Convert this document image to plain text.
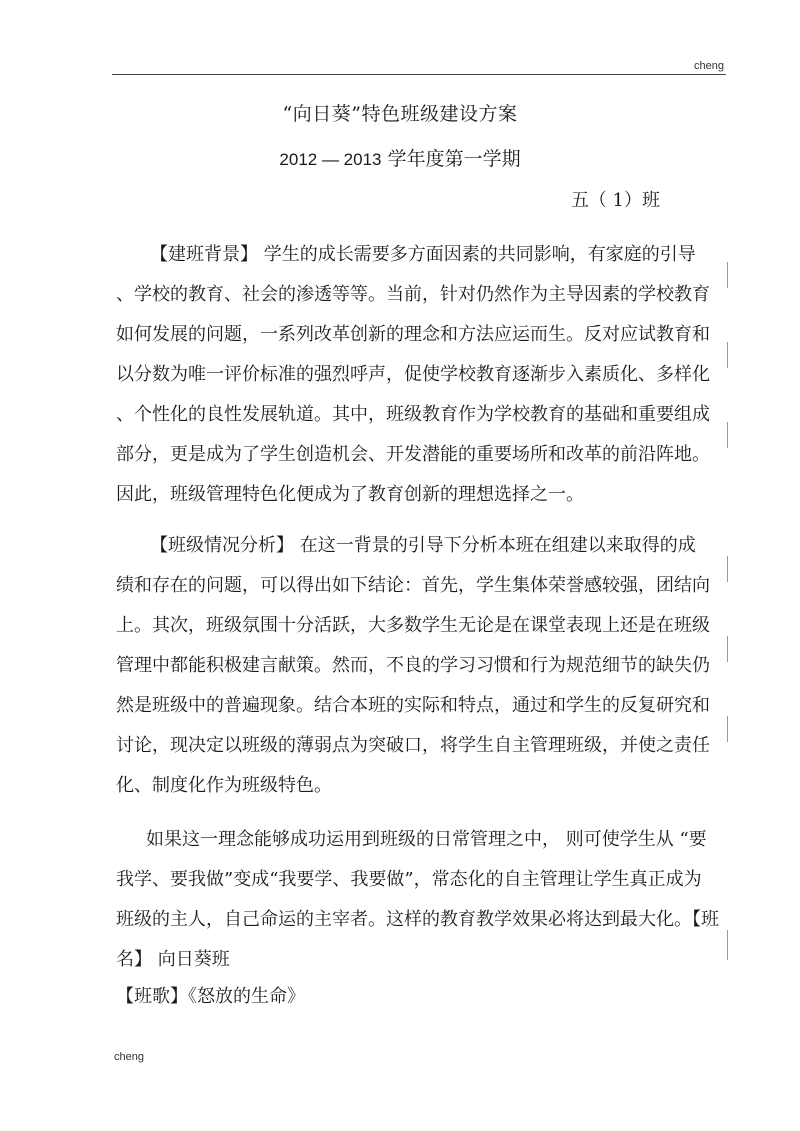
cheng
“向日葵”特色班级建设方案
2012 — 2013 学年度第一学期
五（ 1）班
【建班背景】 学生的成长需要多方面因素的共同影响，有家庭的引导
、学校的教育、社会的渗透等等。当前，针对仍然作为主导因素的学校教育
如何发展的问题，一系列改革创新的理念和方法应运而生。反对应试教育和
以分数为唯一评价标准的强烈呼声，促使学校教育逐渐步入素质化、多样化
、个性化的良性发展轨道。其中，班级教育作为学校教育的基础和重要组成
部分，更是成为了学生创造机会、开发潜能的重要场所和改革的前沿阵地。
因此，班级管理特色化便成为了教育创新的理想选择之一。
【班级情况分析】 在这一背景的引导下分析本班在组建以来取得的成
绩和存在的问题，可以得出如下结论：首先，学生集体荣誉感较强，团结向
上。其次，班级氛围十分活跃，大多数学生无论是在课堂表现上还是在班级
管理中都能积极建言献策。然而，不良的学习习惯和行为规范细节的缺失仍
然是班级中的普遍现象。结合本班的实际和特点，通过和学生的反复研究和
讨论，现决定以班级的薄弱点为突破口，将学生自主管理班级，并使之责任
化、制度化作为班级特色。
如果这一理念能够成功运用到班级的日常管理之中， 则可使学生从 “要
我学、要我做”变成“我要学、我要做”，常态化的自主管理让学生真正成为
班级的主人，自己命运的主宰者。这样的教育教学效果必将达到最大化。【班
名】 向日葵班
【班歌】《怒放的生命》
cheng
